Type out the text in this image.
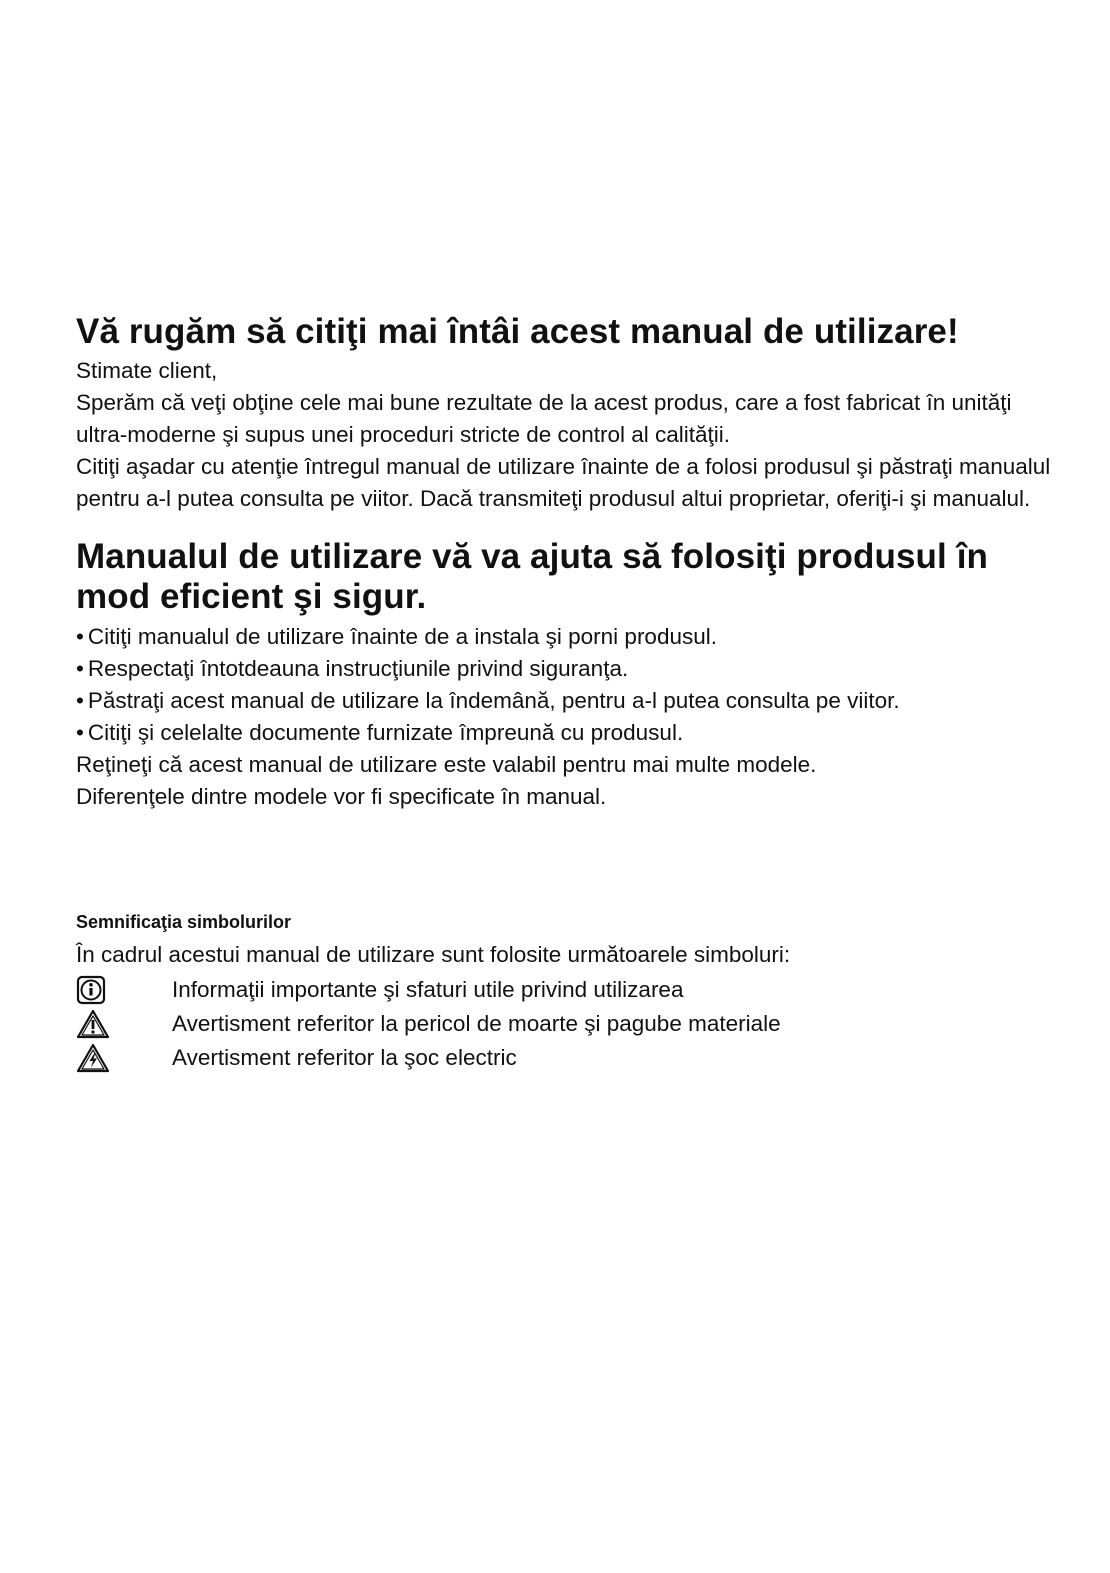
Vă rugăm să citiţi mai întâi acest manual de utilizare!

Stimate client,

Sperăm că veţi obţine cele mai bune rezultate de la acest produs, care a fost fabricat în unităţi ultra-moderne şi supus unei proceduri stricte de control al calităţii.

Citiţi aşadar cu atenţie întregul manual de utilizare înainte de a folosi produsul şi păstraţi manualul pentru a-l putea consulta pe viitor. Dacă transmiteţi produsul altui proprietar, oferiţi-i şi manualul.

Manualul de utilizare vă va ajuta să folosiţi produsul în mod eficient şi sigur.
• Citiţi manualul de utilizare înainte de a instala şi porni produsul.
• Respectaţi întotdeauna instrucţiunile privind siguranţa.
• Păstraţi acest manual de utilizare la îndemână, pentru a-l putea consulta pe viitor.
• Citiţi şi celelalte documente furnizate împreună cu produsul.

Reţineţi că acest manual de utilizare este valabil pentru mai multe modele.

Diferenţele dintre modele vor fi specificate în manual.

Semnificaţia simbolurilor

În cadrul acestui manual de utilizare sunt folosite următoarele simboluri:

Informaţii importante şi sfaturi utile privind utilizarea
Avertisment referitor la pericol de moarte şi pagube materiale
Avertisment referitor la şoc electric
